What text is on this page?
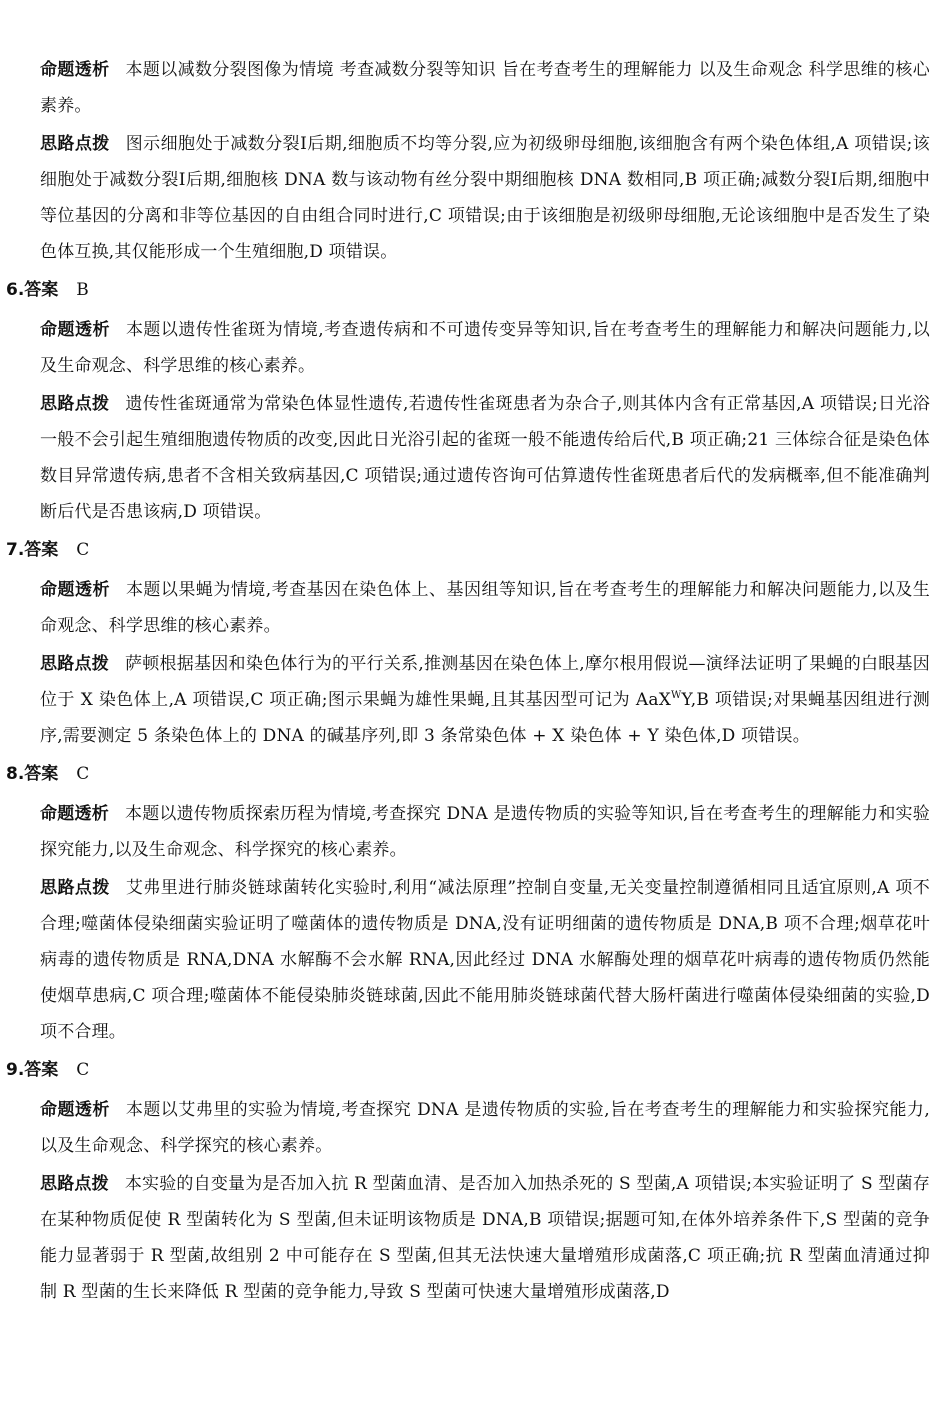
命题透析 本题以减数分裂图像为情境 考查减数分裂等知识 旨在考查考生的理解能力 以及生命观念 科学思维的核心素养。

思路点拨 图示细胞处于减数分裂Ⅰ后期,细胞质不均等分裂,应为初级卵母细胞,该细胞含有两个染色体组,A 项错误;该细胞处于减数分裂Ⅰ后期,细胞核 DNA 数与该动物有丝分裂中期细胞核 DNA 数相同,B 项正确;减数分裂Ⅰ后期,细胞中等位基因的分离和非等位基因的自由组合同时进行,C 项错误;由于该细胞是初级卵母细胞,无论该细胞中是否发生了染色体互换,其仅能形成一个生殖细胞,D 项错误。

6.答案 B

命题透析 本题以遗传性雀斑为情境,考查遗传病和不可遗传变异等知识,旨在考查考生的理解能力和解决问题能力,以及生命观念、科学思维的核心素养。

思路点拨 遗传性雀斑通常为常染色体显性遗传,若遗传性雀斑患者为杂合子,则其体内含有正常基因,A 项错误;日光浴一般不会引起生殖细胞遗传物质的改变,因此日光浴引起的雀斑一般不能遗传给后代,B 项正确;21 三体综合征是染色体数目异常遗传病,患者不含相关致病基因,C 项错误;通过遗传咨询可估算遗传性雀斑患者后代的发病概率,但不能准确判断后代是否患该病,D 项错误。

7.答案 C

命题透析 本题以果蝇为情境,考查基因在染色体上、基因组等知识,旨在考查考生的理解能力和解决问题能力,以及生命观念、科学思维的核心素养。

思路点拨 萨顿根据基因和染色体行为的平行关系,推测基因在染色体上,摩尔根用假说—演绎法证明了果蝇的白眼基因位于 X 染色体上,A 项错误,C 项正确;图示果蝇为雄性果蝇,且其基因型可记为 AaX$^W$Y,B 项错误;对果蝇基因组进行测序,需要测定 5 条染色体上的 DNA 的碱基序列,即 3 条常染色体 + X 染色体 + Y 染色体,D 项错误。

8.答案 C

命题透析 本题以遗传物质探索历程为情境,考查探究 DNA 是遗传物质的实验等知识,旨在考查考生的理解能力和实验探究能力,以及生命观念、科学探究的核心素养。

思路点拨 艾弗里进行肺炎链球菌转化实验时,利用“减法原理”控制自变量,无关变量控制遵循相同且适宜原则,A 项不合理;噬菌体侵染细菌实验证明了噬菌体的遗传物质是 DNA,没有证明细菌的遗传物质是 DNA,B 项不合理;烟草花叶病毒的遗传物质是 RNA,DNA 水解酶不会水解 RNA,因此经过 DNA 水解酶处理的烟草花叶病毒的遗传物质仍然能使烟草患病,C 项合理;噬菌体不能侵染肺炎链球菌,因此不能用肺炎链球菌代替大肠杆菌进行噬菌体侵染细菌的实验,D 项不合理。

9.答案 C

命题透析 本题以艾弗里的实验为情境,考查探究 DNA 是遗传物质的实验,旨在考查考生的理解能力和实验探究能力,以及生命观念、科学探究的核心素养。

思路点拨 本实验的自变量为是否加入抗 R 型菌血清、是否加入加热杀死的 S 型菌,A 项错误;本实验证明了 S 型菌存在某种物质促使 R 型菌转化为 S 型菌,但未证明该物质是 DNA,B 项错误;据题可知,在体外培养条件下,S 型菌的竞争能力显著弱于 R 型菌,故组别 2 中可能存在 S 型菌,但其无法快速大量增殖形成菌落,C 项正确;抗 R 型菌血清通过抑制 R 型菌的生长来降低 R 型菌的竞争能力,导致 S 型菌可快速大量增殖形成菌落,D
